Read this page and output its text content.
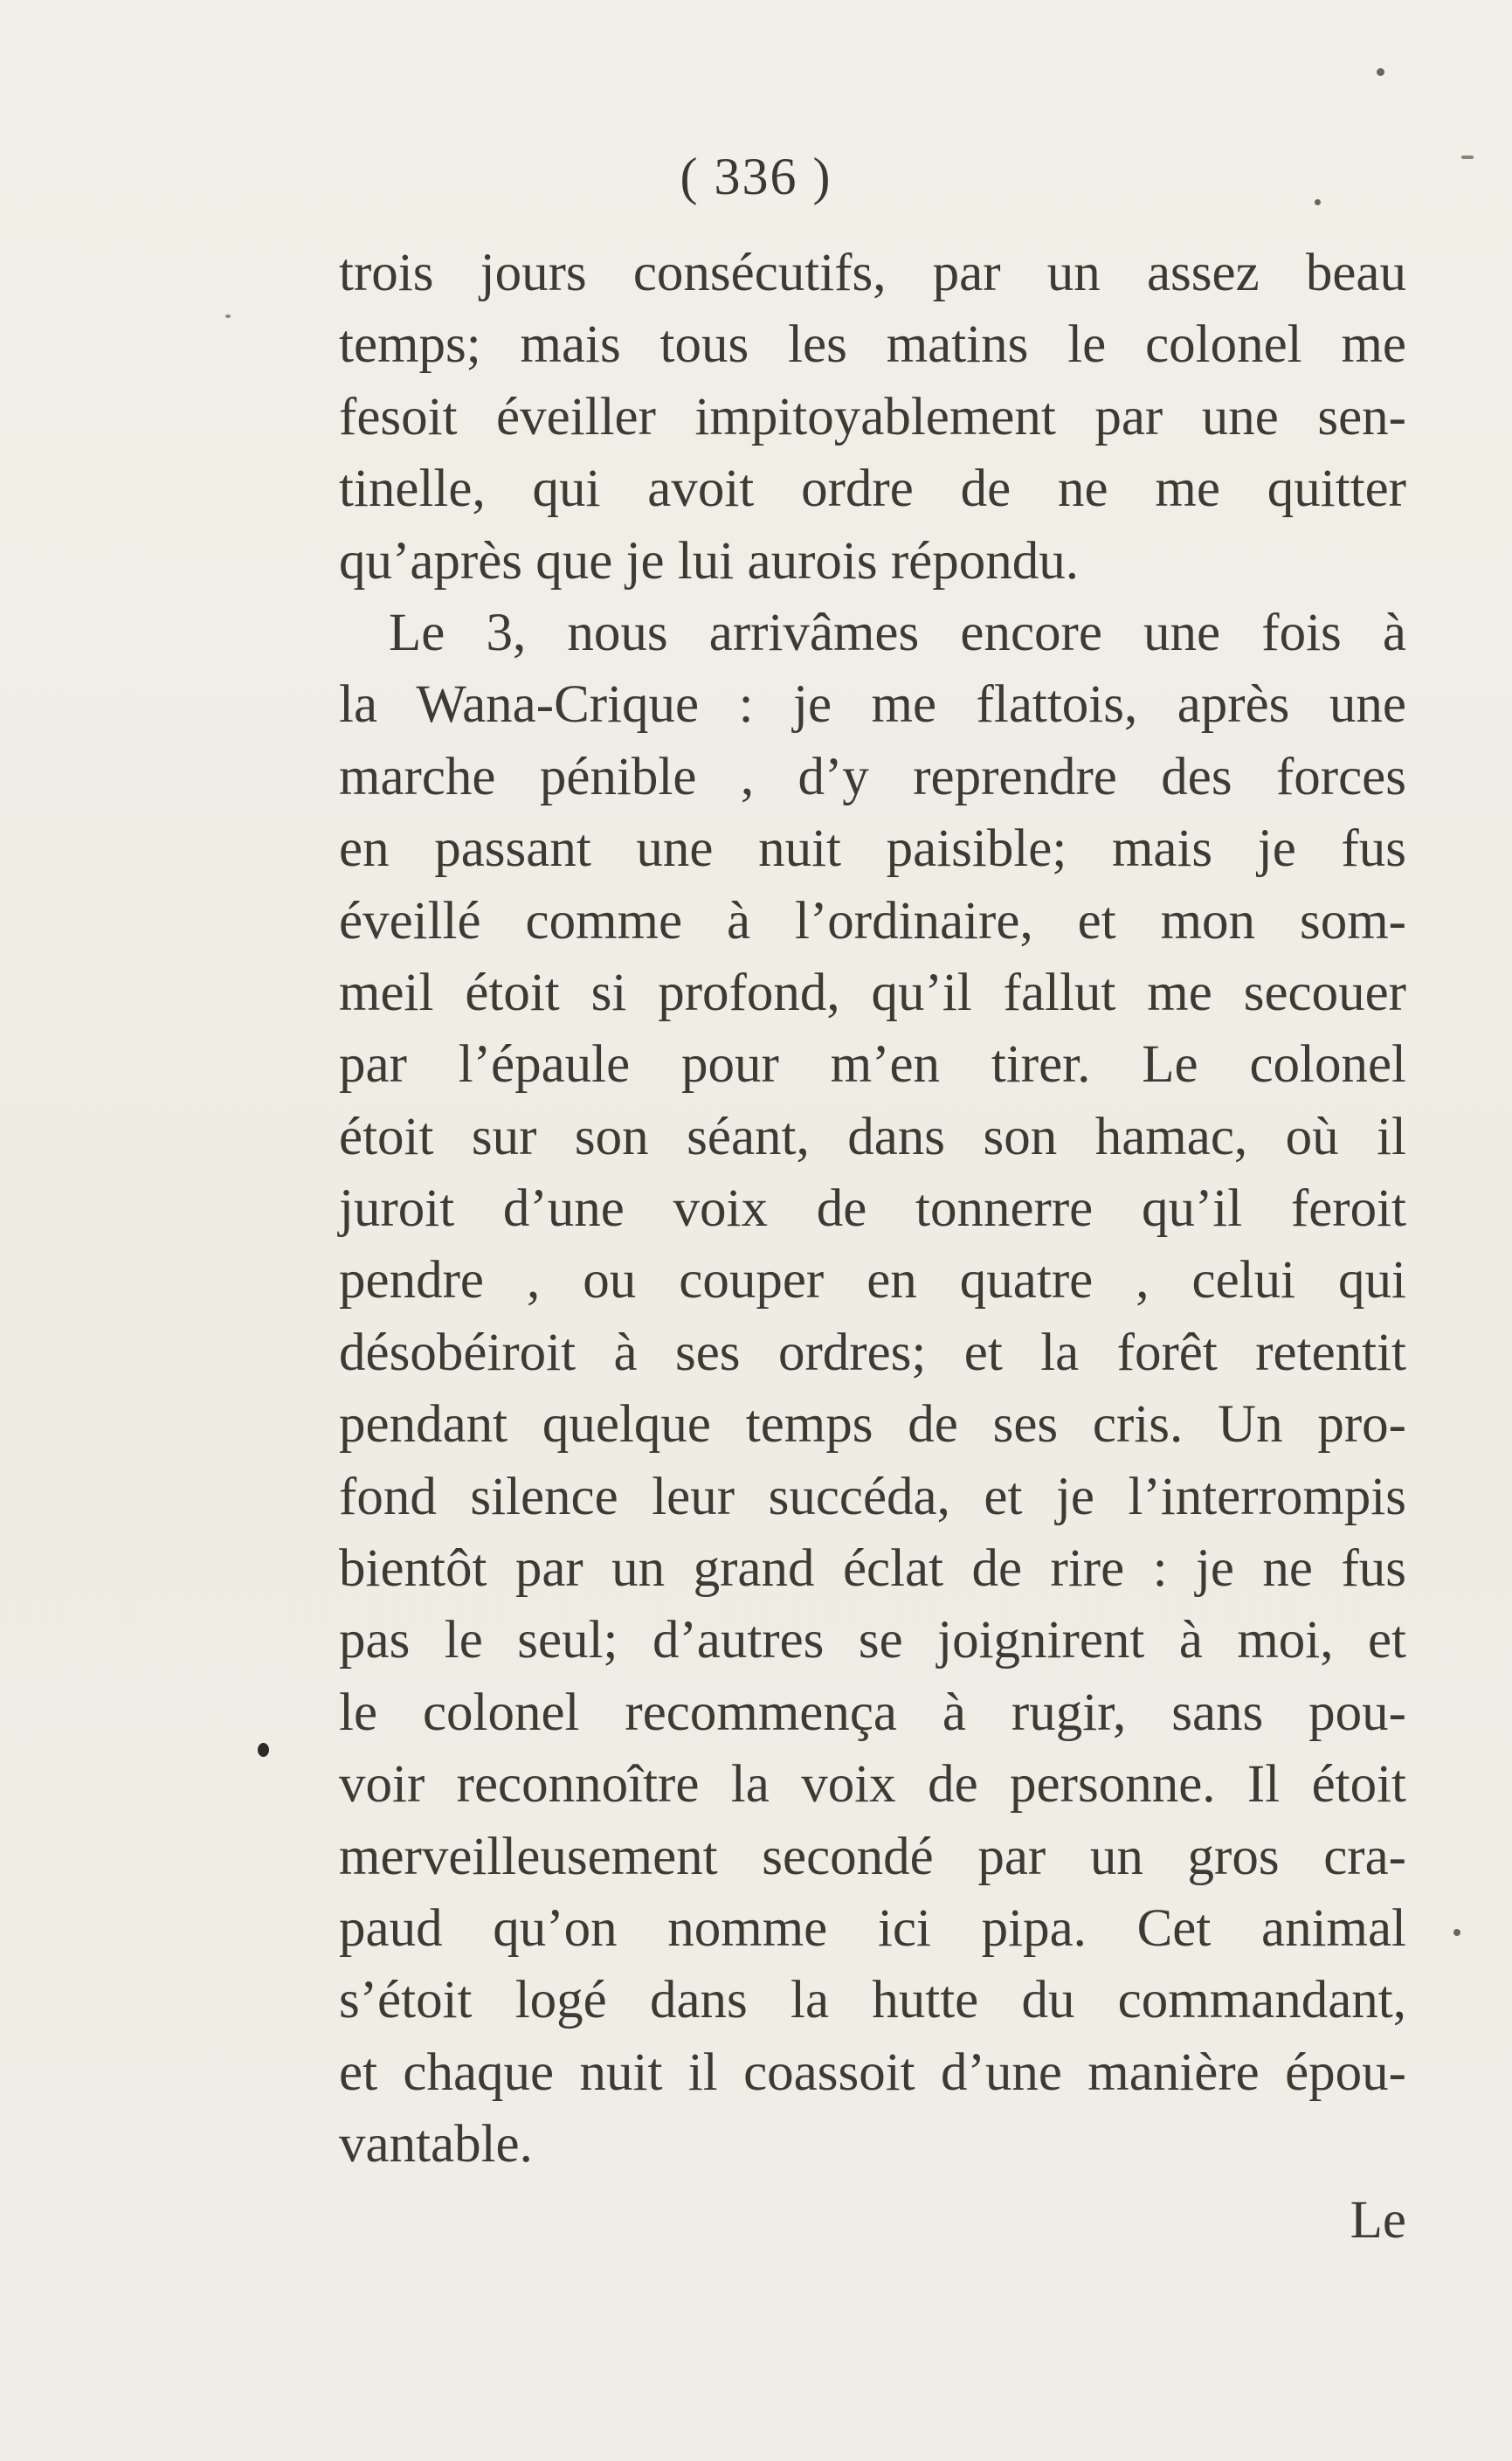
( 336 )
trois jours consécutifs, par un assez beau
temps; mais tous les matins le colonel me
fesoit éveiller impitoyablement par une sen-
tinelle, qui avoit ordre de ne me quitter
qu’après que je lui aurois répondu.
Le 3, nous arrivâmes encore une fois à
la Wana-Crique : je me flattois, après une
marche pénible , d’y reprendre des forces
en passant une nuit paisible; mais je fus
éveillé comme à l’ordinaire, et mon som-
meil étoit si profond, qu’il fallut me secouer
par l’épaule pour m’en tirer. Le colonel
étoit sur son séant, dans son hamac, où il
juroit d’une voix de tonnerre qu’il feroit
pendre , ou couper en quatre , celui qui
désobéiroit à ses ordres; et la forêt retentit
pendant quelque temps de ses cris. Un pro-
fond silence leur succéda, et je l’interrompis
bientôt par un grand éclat de rire : je ne fus
pas le seul; d’autres se joignirent à moi, et
le colonel recommença à rugir, sans pou-
voir reconnoître la voix de personne. Il étoit
merveilleusement secondé par un gros cra-
paud qu’on nomme ici pipa. Cet animal
s’étoit logé dans la hutte du commandant,
et chaque nuit il coassoit d’une manière épou-
vantable.
Le
